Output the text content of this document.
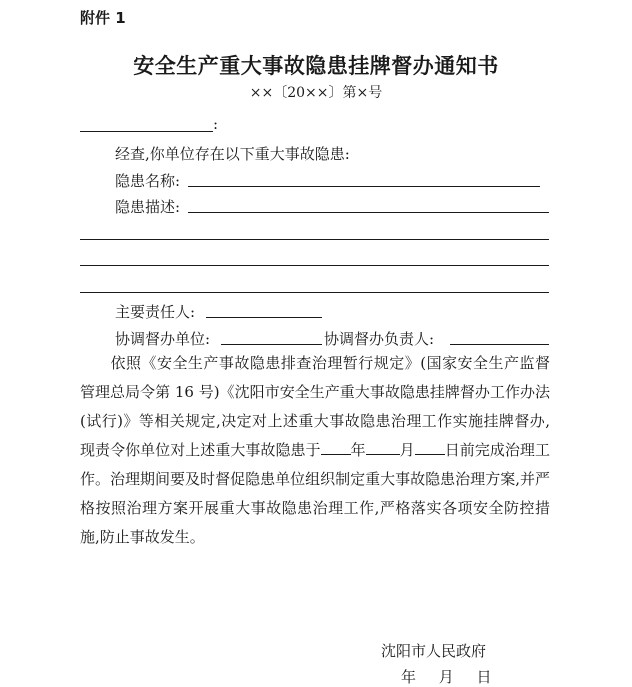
附件 1
安全生产重大事故隐患挂牌督办通知书
××〔20××〕第×号
:
经查,你单位存在以下重大事故隐患:
隐患名称:
隐患描述:
主要责任人:
协调督办单位:	协调督办负责人:
依照《安全生产事故隐患排查治理暂行规定》(国家安全生产监督管理总局令第 16 号)《沈阳市安全生产重大事故隐患挂牌督办工作办法(试行)》等相关规定,决定对上述重大事故隐患治理工作实施挂牌督办,现责令你单位对上述重大事故隐患于 年 月 日前完成治理工作。治理期间要及时督促隐患单位组织制定重大事故隐患治理方案,并严格按照治理方案开展重大事故隐患治理工作,严格落实各项安全防控措施,防止事故发生。
沈阳市人民政府
年 月 日
